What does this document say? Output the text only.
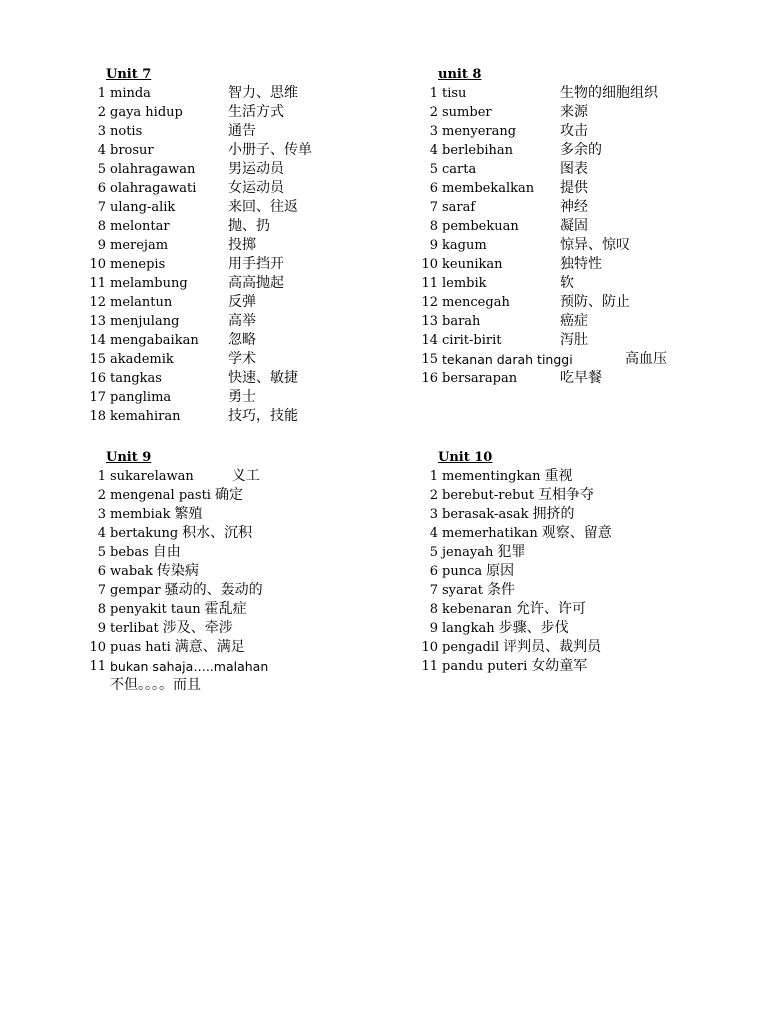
Unit 7
1 minda	智力、思维
2 gaya hidup	生活方式
3 notis	通告
4 brosur	小册子、传单
5 olahragawan 男运动员
6 olahragawati 女运动员
7 ulang-alik	来回、往返
8 melontar	抛、扔
9 merejam	投掷
10 menepis	用手挡开
11 melambung	高高抛起
12 melantun	反弹
13 menjulang	高举
14 mengabaikan 忽略
15 akademik	学术
16 tangkas	快速、敏捷
17 panglima	勇士
18 kemahiran	技巧，技能
unit 8
1 tisu	生物的细胞组织
2 sumber	来源
3 menyerang	攻击
4 berlebihan	多余的
5 carta	图表
6 membekalkan 提供
7 saraf	神经
8 pembekuan	凝固
9 kagum	惊异、惊叹
10 keunikan	独特性
11 lembik	软
12 mencegah	预防、防止
13 barah	癌症
14 cirit-birit	泻肚
15 tekanan darah tinggi	高血压
16 bersarapan	吃早餐
Unit 9
1 sukarelawan	义工
2 mengenal pasti 确定
3 membiak 繁殖
4 bertakung 积水、沉积
5 bebas 自由
6 wabak 传染病
7 gempar 骚动的、轰动的
8 penyakit taun 霍乱症
9 terlibat 涉及、牵涉
10 puas hati 满意、满足
11 bukan sahaja…..malahan
不但。。。。而且
Unit 10
1 mementingkan 重视
2 berebut-rebut 互相争夺
3 berasak-asak 拥挤的
4 memerhatikan 观察、留意
5 jenayah 犯罪
6 punca 原因
7 syarat 条件
8 kebenaran 允许、许可
9 langkah 步骤、步伐
10 pengadil 评判员、裁判员
11 pandu puteri 女幼童军
